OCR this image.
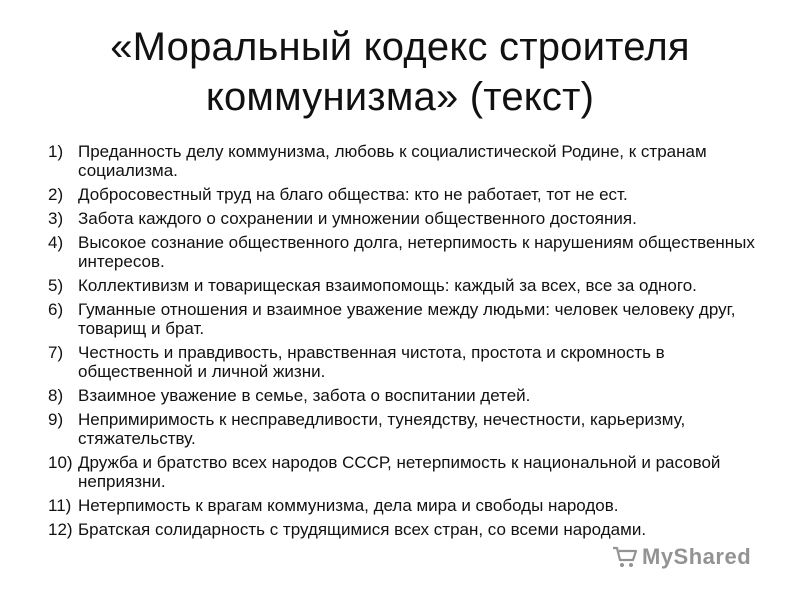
«Моральный кодекс строителя
коммунизма» (текст)
1) Преданность делу коммунизма, любовь к социалистической Родине, к странам социализма.
2) Добросовестный труд на благо общества: кто не работает, тот не ест.
3) Забота каждого о сохранении и умножении общественного достояния.
4) Высокое сознание общественного долга, нетерпимость к нарушениям общественных интересов.
5) Коллективизм и товарищеская взаимопомощь: каждый за всех, все за одного.
6) Гуманные отношения и взаимное уважение между людьми: человек человеку друг, товарищ и брат.
7) Честность и правдивость, нравственная чистота, простота и скромность в общественной и личной жизни.
8) Взаимное уважение в семье, забота о воспитании детей.
9) Непримиримость к несправедливости, тунеядству, нечестности, карьеризму, стяжательству.
10) Дружба и братство всех народов СССР, нетерпимость к национальной и расовой неприязни.
11) Нетерпимость к врагам коммунизма, дела мира и свободы народов.
12) Братская солидарность с трудящимися всех стран, со всеми народами.
MyShared
